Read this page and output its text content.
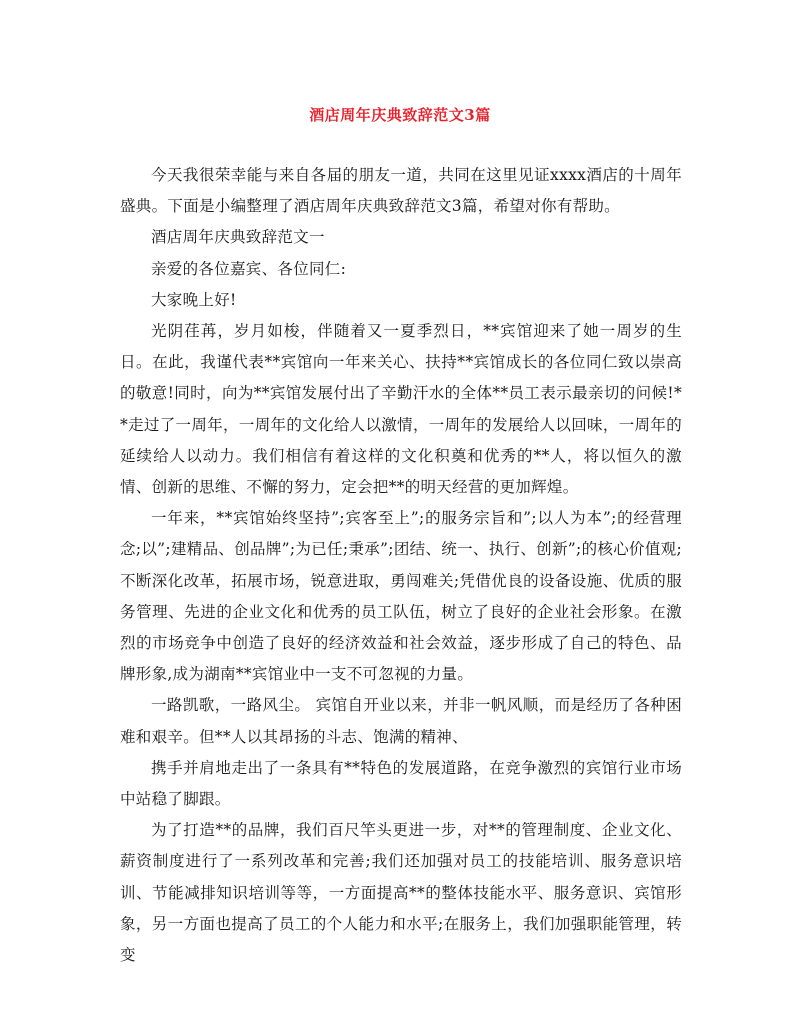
酒店周年庆典致辞范文3篇

今天我很荣幸能与来自各届的朋友一道，共同在这里见证xxxx酒店的十周年盛典。下面是小编整理了酒店周年庆典致辞范文3篇，希望对你有帮助。

酒店周年庆典致辞范文一

亲爱的各位嘉宾、各位同仁:

大家晚上好!

光阴荏苒，岁月如梭，伴随着又一夏季烈日，**宾馆迎来了她一周岁的生日。在此，我谨代表**宾馆向一年来关心、扶持**宾馆成长的各位同仁致以崇高的敬意!同时，向为**宾馆发展付出了辛勤汗水的全体**员工表示最亲切的问候!**走过了一周年，一周年的文化给人以激情，一周年的发展给人以回味，一周年的延续给人以动力。我们相信有着这样的文化积奠和优秀的**人，将以恒久的激情、创新的思维、不懈的努力，定会把**的明天经营的更加辉煌。

一年来，**宾馆始终坚持”;宾客至上”;的服务宗旨和”;以人为本”;的经营理念;以”;建精品、创品牌”;为已任;秉承”;团结、统一、执行、创新”;的核心价值观;不断深化改革，拓展市场，锐意进取，勇闯难关;凭借优良的设备设施、优质的服务管理、先进的企业文化和优秀的员工队伍，树立了良好的企业社会形象。在激烈的市场竞争中创造了良好的经济效益和社会效益，逐步形成了自己的特色、品牌形象,成为湖南**宾馆业中一支不可忽视的力量。

一路凯歌，一路风尘。 宾馆自开业以来，并非一帆风顺，而是经历了各种困难和艰辛。但**人以其昂扬的斗志、饱满的精神、

携手并肩地走出了一条具有**特色的发展道路，在竞争激烈的宾馆行业市场中站稳了脚跟。

为了打造**的品牌，我们百尺竿头更进一步，对**的管理制度、企业文化、薪资制度进行了一系列改革和完善;我们还加强对员工的技能培训、服务意识培训、节能减排知识培训等等，一方面提高**的整体技能水平、服务意识、宾馆形象，另一方面也提高了员工的个人能力和水平;在服务上，我们加强职能管理，转变
